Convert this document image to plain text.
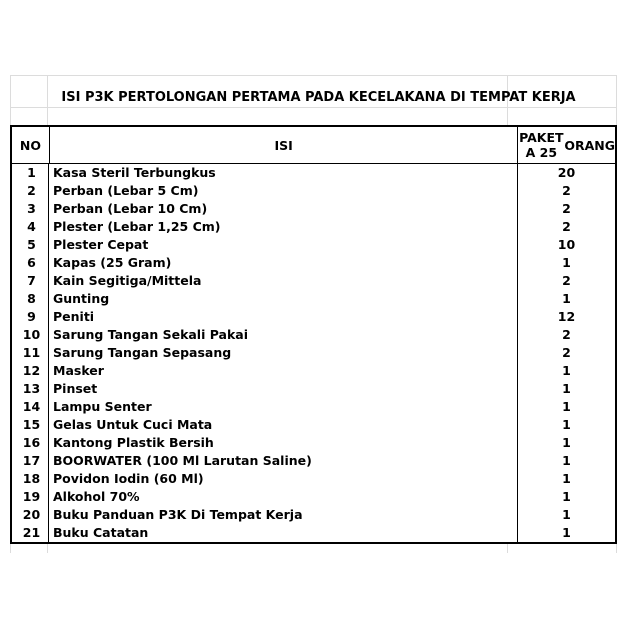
ISI P3K PERTOLONGAN PERTAMA PADA KECELAKANA DI TEMPAT KERJA
NO	ISI	PAKET A 25 ORANG
1	Kasa Steril Terbungkus	20
2	Perban (Lebar 5 Cm)	2
3	Perban (Lebar 10 Cm)	2
4	Plester (Lebar 1,25 Cm)	2
5	Plester Cepat	10
6	Kapas (25 Gram)	1
7	Kain Segitiga/Mittela	2
8	Gunting	1
9	Peniti	12
10	Sarung Tangan Sekali Pakai	2
11	Sarung Tangan Sepasang	2
12	Masker	1
13	Pinset	1
14	Lampu Senter	1
15	Gelas Untuk Cuci Mata	1
16	Kantong Plastik Bersih	1
17	BOORWATER (100 Ml Larutan Saline)	1
18	Povidon Iodin (60 Ml)	1
19	Alkohol 70%	1
20	Buku Panduan P3K Di Tempat Kerja	1
21	Buku Catatan	1
